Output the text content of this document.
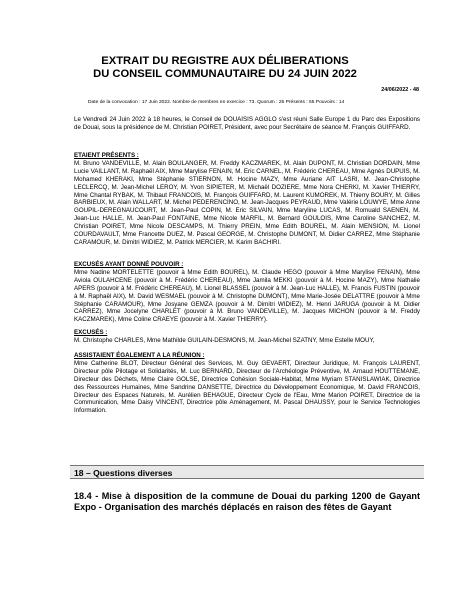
EXTRAIT DU REGISTRE AUX DÉLIBERATIONS
DU CONSEIL COMMUNAUTAIRE DU 24 JUIN 2022
24/06/2022 - 48
Date de la convocation : 17 Juin 2022. Nombre de membres en exercice : 73. Quorum : 25 Présents : 55 Pouvoirs : 14
Le Vendredi 24 Juin 2022 à 18 heures, le Conseil de DOUAISIS AGGLO s'est réuni Salle Europe 1 du Parc des Expositions de Douai, sous la présidence de M. Christian POIRET, Président, avec pour Secrétaire de séance M. François GUIFFARD.
ETAIENT PRÉSENTS :
M. Bruno VANDEVILLE, M. Alain BOULANGER, M. Freddy KACZMAREK, M. Alain DUPONT, M. Christian DORDAIN, Mme Lucie VAILLANT, M. Raphaël AIX, Mme Marylise FENAIN, M. Eric CARNEL, M. Frédéric CHEREAU, Mme Agnès DUPUIS, M. Mohamed KHERAKI, Mme Stéphanie STIERNON, M. Hocine MAZY, Mme Auriane AIT LASRI, M. Jean-Christophe LECLERCQ, M. Jean-Michel LEROY, M. Yvon SIPIETER, M. Michaël DOZIERE, Mme Nora CHERKI, M. Xavier THIERRY, Mme Chantal RYBAK, M. Thibaut FRANCOIS, M. François GUIFFARD, M. Laurent KUMOREK, M. Thierry BOURY, M. Gilles BARBIEUX, M. Alain WALLART, M. Michel PEDERENCINO, M. Jean-Jacques PEYRAUD, Mme Valérie LOUWYE, Mme Anne GOUPIL-DEREGNAUCOURT, M. Jean-Paul COPIN, M. Eric SILVAIN, Mme Maryline LUCAS, M. Romuald SAENEN, M. Jean-Luc HALLE, M. Jean-Paul FONTAINE, Mme Nicole MARFIL, M. Bernard GOULOIS, Mme Caroline SANCHEZ, M. Christian POIRET, Mme Nicole DESCAMPS, M. Thierry PREIN, Mme Edith BOUREL, M. Alain MENSION, M. Lionel COURDAVAULT, Mme Francette DUEZ, M. Pascal GEORGE, M. Christophe DUMONT, M. Didier CARREZ, Mme Stéphanie CARAMOUR, M. Dimitri WIDIEZ, M. Patrick MERCIER, M. Karim BACHIRI.
EXCUSÉS AYANT DONNÉ POUVOIR :
Mme Nadine MORTELETTE (pouvoir à Mme Edith BOUREL), M. Claude HEGO (pouvoir à Mme Marylise FENAIN), Mme Aviola OULAHCENE (pouvoir à M. Frédéric CHEREAU), Mme Jamila MEKKI (pouvoir à M. Hocine MAZY), Mme Nathalie APERS (pouvoir à M. Frédéric CHEREAU), M. Lionel BLASSEL (pouvoir à M. Jean-Luc HALLE), M. Francis FUSTIN (pouvoir à M. Raphaël AIX), M. David WESMAEL (pouvoir à M. Christophe DUMONT), Mme Marie-Josée DELATTRE (pouvoir à Mme Stéphanie CARAMOUR), Mme Josyane GEMZA (pouvoir à M. Dimitri WIDIEZ), M. Henri JARUGA (pouvoir à M. Didier CARREZ), Mme Jocelyne CHARLET (pouvoir à M. Bruno VANDEVILLE), M. Jacques MICHON (pouvoir à M. Freddy KACZMAREK), Mme Coline CRAEYE (pouvoir à M. Xavier THIERRY).
EXCUSÉS :
M. Christophe CHARLES, Mme Mathilde GUILAIN-DESMONS, M. Jean-Michel SZATNY, Mme Estelle MOUY,
ASSISTAIENT ÉGALEMENT A LA RÉUNION :
Mme Catherine BLOT, Directeur Général des Services, M. Guy GEVAERT, Directeur Juridique, M. François LAURENT, Directeur pôle Pilotage et Solidarités, M. Luc BERNARD, Directeur de l'Archéologie Préventive, M. Arnaud HOUTTEMANE, Directeur des Déchets, Mme Claire GOLSE, Directrice Cohésion Sociale-Habitat, Mme Myriam STANISLAWIAK, Directrice des Ressources Humaines, Mme Sandrine DANSETTE, Directrice du Développement Economique, M. David FRANCOIS, Directeur des Espaces Naturels, M. Aurélien BEHAGUE, Directeur Cycle de l'Eau, Mme Marion POIRET, Directrice de la Communication, Mme Daisy VINCENT, Directrice pôle Aménagement, M. Pascal DHAUSSY, pour le Service Technologies Information.
18 – Questions diverses
18.4 - Mise à disposition de la commune de Douai du parking 1200 de Gayant Expo - Organisation des marchés déplacés en raison des fêtes de Gayant
